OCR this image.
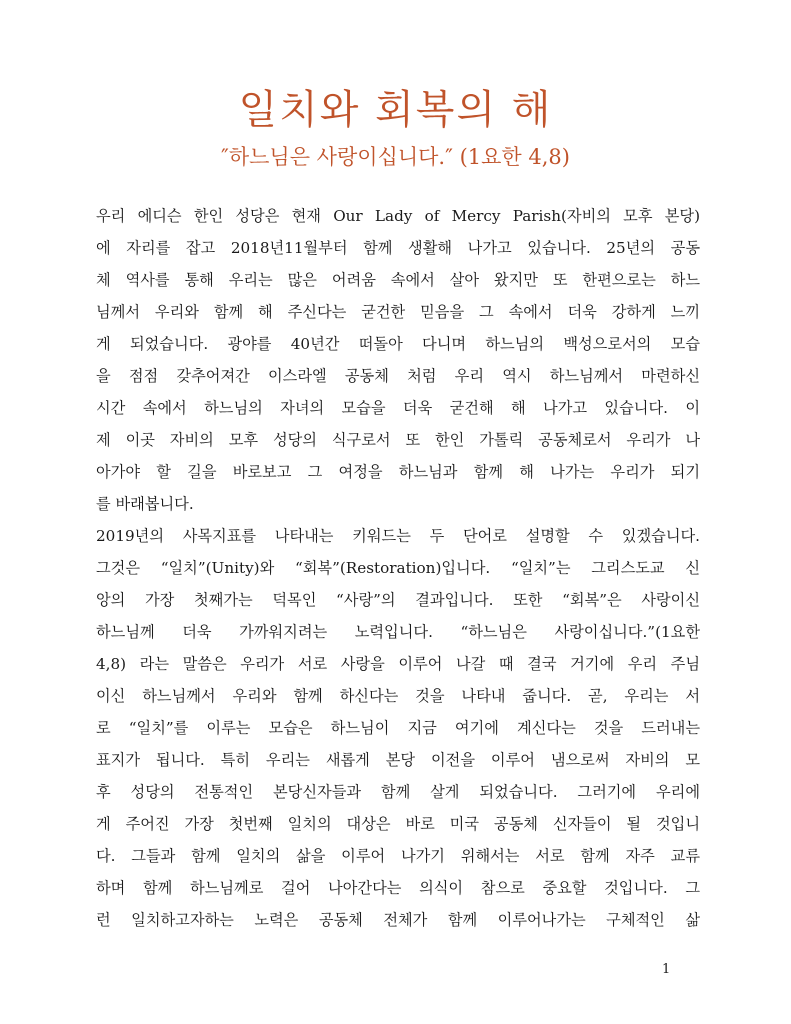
일치와 회복의 해

″하느님은 사랑이십니다.″ (1요한 4,8)

우리 에디슨 한인 성당은 현재 Our Lady of Mercy Parish(자비의 모후 본당)
에 자리를 잡고 2018년11월부터 함께 생활해 나가고 있습니다. 25년의 공동
체 역사를 통해 우리는 많은 어려움 속에서 살아 왔지만 또 한편으로는 하느
님께서 우리와 함께 해 주신다는 굳건한 믿음을 그 속에서 더욱 강하게 느끼
게 되었습니다. 광야를 40년간 떠돌아 다니며 하느님의 백성으로서의 모습
을 점점 갖추어져간 이스라엘 공동체 처럼 우리 역시 하느님께서 마련하신
시간 속에서 하느님의 자녀의 모습을 더욱 굳건해 해 나가고 있습니다. 이
제 이곳 자비의 모후 성당의 식구로서 또 한인 가톨릭 공동체로서 우리가 나
아가야 할 길을 바로보고 그 여정을 하느님과 함께 해 나가는 우리가 되기
를 바래봅니다.
2019년의 사목지표를 나타내는 키워드는 두 단어로 설명할 수 있겠습니다.
그것은 “일치”(Unity)와 “회복”(Restoration)입니다. “일치”는 그리스도교 신
앙의 가장 첫째가는 덕목인 “사랑”의 결과입니다. 또한 “회복”은 사랑이신
하느님께 더욱 가까워지려는 노력입니다. “하느님은 사랑이십니다.”(1요한
4,8) 라는 말씀은 우리가 서로 사랑을 이루어 나갈 때 결국 거기에 우리 주님
이신 하느님께서 우리와 함께 하신다는 것을 나타내 줍니다. 곧, 우리는 서
로 “일치”를 이루는 모습은 하느님이 지금 여기에 계신다는 것을 드러내는
표지가 됩니다. 특히 우리는 새롭게 본당 이전을 이루어 냄으로써 자비의 모
후 성당의 전통적인 본당신자들과 함께 살게 되었습니다. 그러기에 우리에
게 주어진 가장 첫번째 일치의 대상은 바로 미국 공동체 신자들이 될 것입니
다. 그들과 함께 일치의 삶을 이루어 나가기 위해서는 서로 함께 자주 교류
하며 함께 하느님께로 걸어 나아간다는 의식이 참으로 중요할 것입니다. 그
런 일치하고자하는 노력은 공동체 전체가 함께 이루어나가는 구체적인 삶
1
